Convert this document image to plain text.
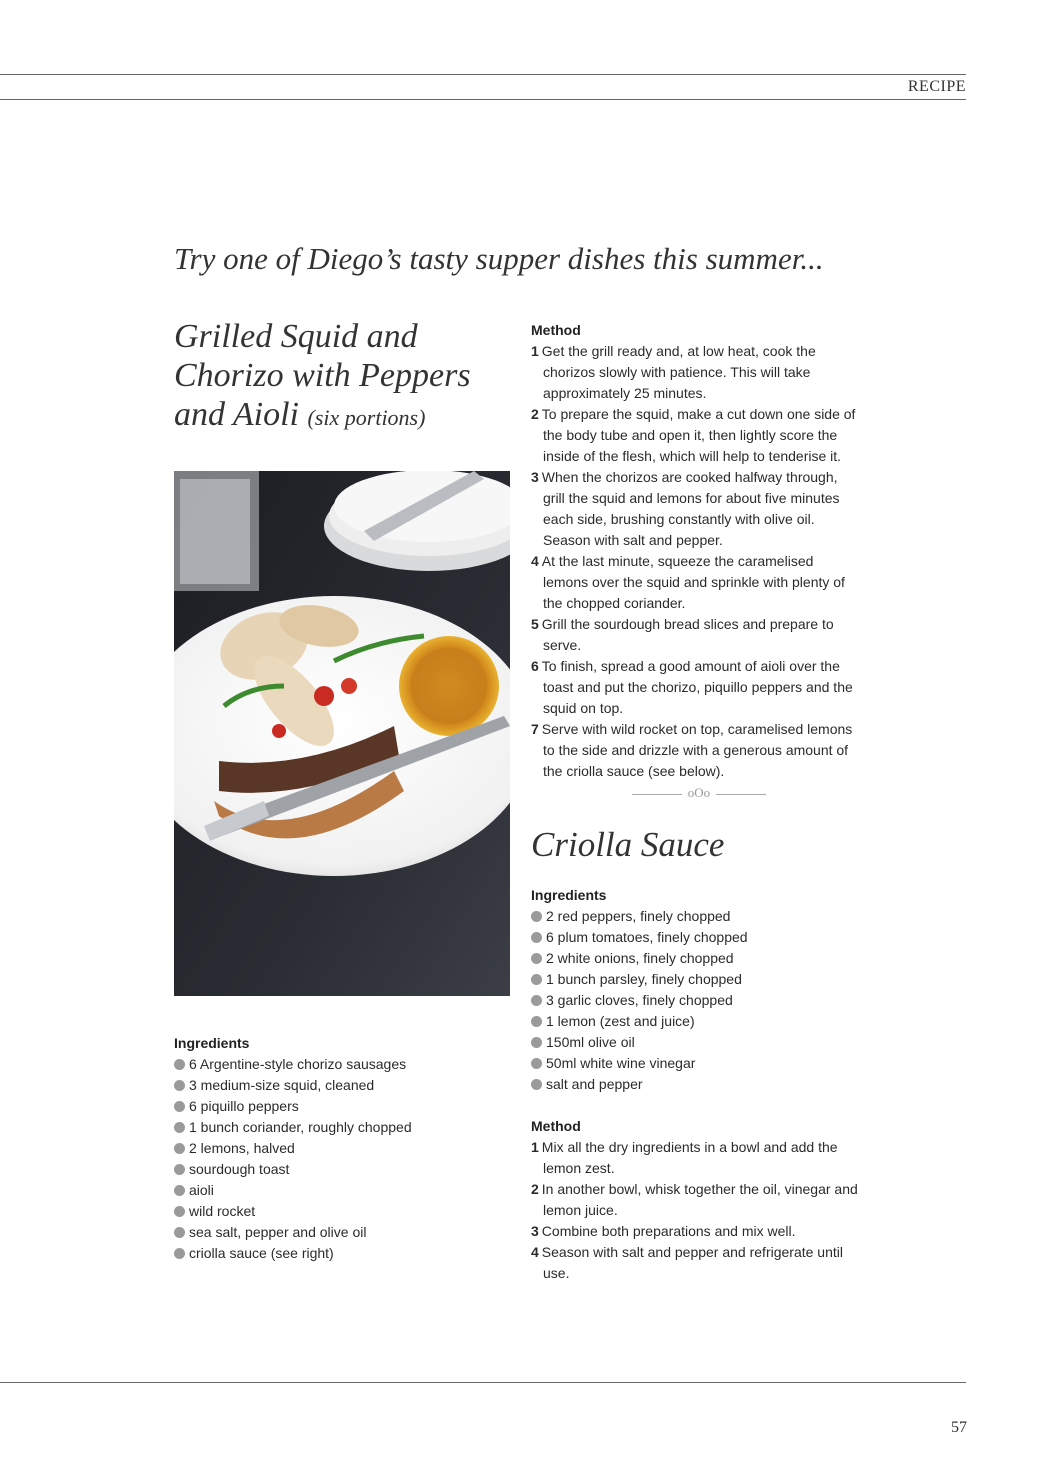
RECIPE
Try one of Diego’s tasty supper dishes this summer...
Grilled Squid and Chorizo with Peppers and Aioli (six portions)

Ingredients

6 Argentine-style chorizo sausages
3 medium-size squid, cleaned
6 piquillo peppers
1 bunch coriander, roughly chopped
2 lemons, halved
sourdough toast
aioli
wild rocket
sea salt, pepper and olive oil
criolla sauce (see right)

Method

1 Get the grill ready and, at low heat, cook the chorizos slowly with patience. This will take approximately 25 minutes.
2 To prepare the squid, make a cut down one side of the body tube and open it, then lightly score the inside of the flesh, which will help to tenderise it.
3 When the chorizos are cooked halfway through, grill the squid and lemons for about five minutes each side, brushing constantly with olive oil. Season with salt and pepper.
4 At the last minute, squeeze the caramelised lemons over the squid and sprinkle with plenty of the chopped coriander.
5 Grill the sourdough bread slices and prepare to serve.
6 To finish, spread a good amount of aioli over the toast and put the chorizo, piquillo peppers and the squid on top.
7 Serve with wild rocket on top, caramelised lemons to the side and drizzle with a generous amount of the criolla sauce (see below).
oOo
Criolla Sauce

Ingredients

2 red peppers, finely chopped
6 plum tomatoes, finely chopped
2 white onions, finely chopped
1 bunch parsley, finely chopped
3 garlic cloves, finely chopped
1 lemon (zest and juice)
150ml olive oil
50ml white wine vinegar
salt and pepper

Method

1 Mix all the dry ingredients in a bowl and add the lemon zest.
2 In another bowl, whisk together the oil, vinegar and lemon juice.
3 Combine both preparations and mix well.
4 Season with salt and pepper and refrigerate until use.
57
